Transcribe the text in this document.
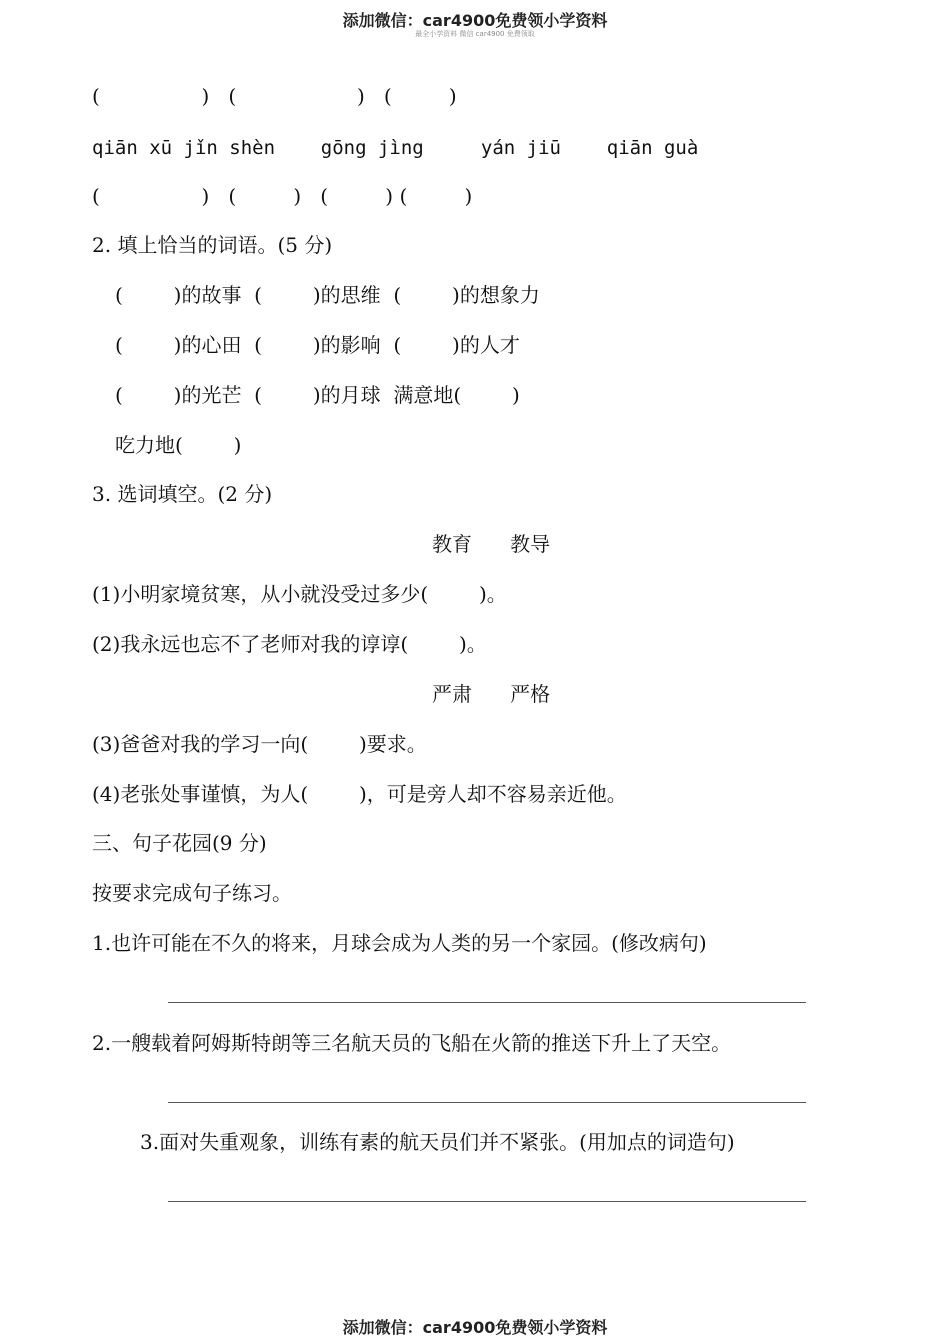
添加微信：car4900免费领小学资料
最全小学资料 微信 car4900 免费领取
(                )   (                   )   (         )
qiān xū jǐn shèn    gōng jìng     yán jiū    qiān guà
(                )   (         )   (         ) (         )
2. 填上恰当的词语。(5 分)
(        )的故事  (        )的思维  (        )的想象力
(        )的心田  (        )的影响  (        )的人才
(        )的光芒  (        )的月球  满意地(        )
吃力地(        )
3. 选词填空。(2 分)
教育      教导
(1)小明家境贫寒，从小就没受过多少(        )。
(2)我永远也忘不了老师对我的谆谆(        )。
严肃      严格
(3)爸爸对我的学习一向(        )要求。
(4)老张处事谨慎，为人(        )，可是旁人却不容易亲近他。
三、句子花园(9 分)
按要求完成句子练习。
1.也许可能在不久的将来，月球会成为人类的另一个家园。(修改病句)
2.一艘载着阿姆斯特朗等三名航天员的飞船在火箭的推送下升上了天空。
3.面对失重观象，训练有素的航天员们并不紧张。(用加点的词造句)
添加微信：car4900免费领小学资料
